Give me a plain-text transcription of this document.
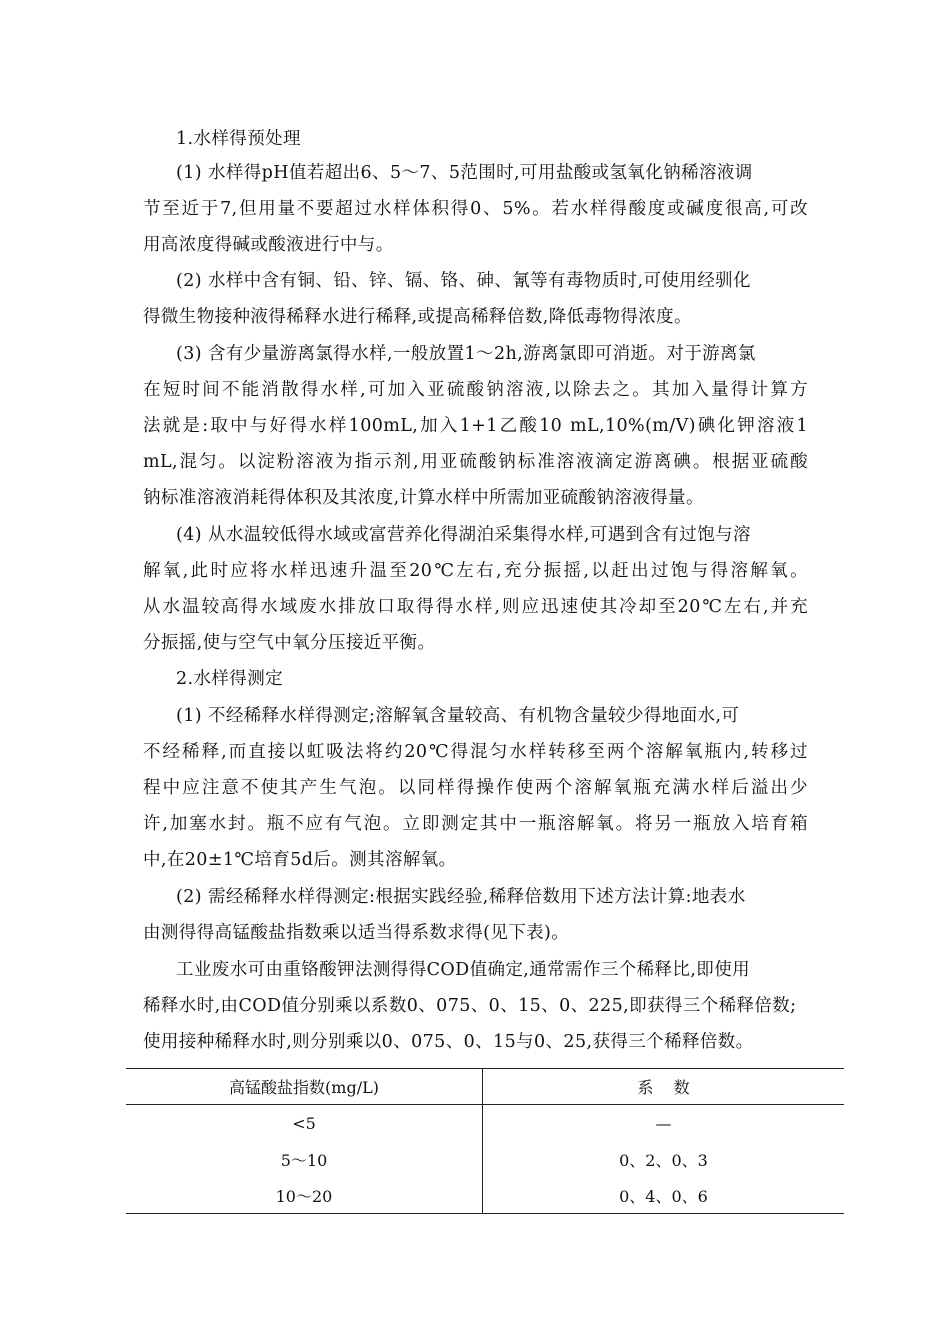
1.水样得预处理
(1) 水样得pH值若超出6、5～7、5范围时,可用盐酸或氢氧化钠稀溶液调
节至近于7,但用量不要超过水样体积得0、5%。若水样得酸度或碱度很高,可改
用高浓度得碱或酸液进行中与。
(2) 水样中含有铜、铅、锌、镉、铬、砷、氰等有毒物质时,可使用经驯化
得微生物接种液得稀释水进行稀释,或提高稀释倍数,降低毒物得浓度。
(3) 含有少量游离氯得水样,一般放置1～2h,游离氯即可消逝。对于游离氯
在短时间不能消散得水样,可加入亚硫酸钠溶液,以除去之。其加入量得计算方
法就是:取中与好得水样100mL,加入1+1乙酸10 mL,10%(m/V)碘化钾溶液1
mL,混匀。以淀粉溶液为指示剂,用亚硫酸钠标准溶液滴定游离碘。根据亚硫酸
钠标准溶液消耗得体积及其浓度,计算水样中所需加亚硫酸钠溶液得量。
(4) 从水温较低得水域或富营养化得湖泊采集得水样,可遇到含有过饱与溶
解氧,此时应将水样迅速升温至20℃左右,充分振摇,以赶出过饱与得溶解氧。
从水温较高得水域废水排放口取得得水样,则应迅速使其冷却至20℃左右,并充
分振摇,使与空气中氧分压接近平衡。
2.水样得测定
(1) 不经稀释水样得测定;溶解氧含量较高、有机物含量较少得地面水,可
不经稀释,而直接以虹吸法将约20℃得混匀水样转移至两个溶解氧瓶内,转移过
程中应注意不使其产生气泡。以同样得操作使两个溶解氧瓶充满水样后溢出少
许,加塞水封。瓶不应有气泡。立即测定其中一瓶溶解氧。将另一瓶放入培育箱
中,在20±1℃培育5d后。测其溶解氧。
(2) 需经稀释水样得测定:根据实践经验,稀释倍数用下述方法计算:地表水
由测得得高锰酸盐指数乘以适当得系数求得(见下表)。
工业废水可由重铬酸钾法测得得COD值确定,通常需作三个稀释比,即使用
稀释水时,由COD值分别乘以系数0、075、0、15、0、225,即获得三个稀释倍数;
使用接种稀释水时,则分别乘以0、075、0、15与0、25,获得三个稀释倍数。
高锰酸盐指数(mg/L)	系    数
<5	—
5～10	0、2、0、3
10～20	0、4、0、6
